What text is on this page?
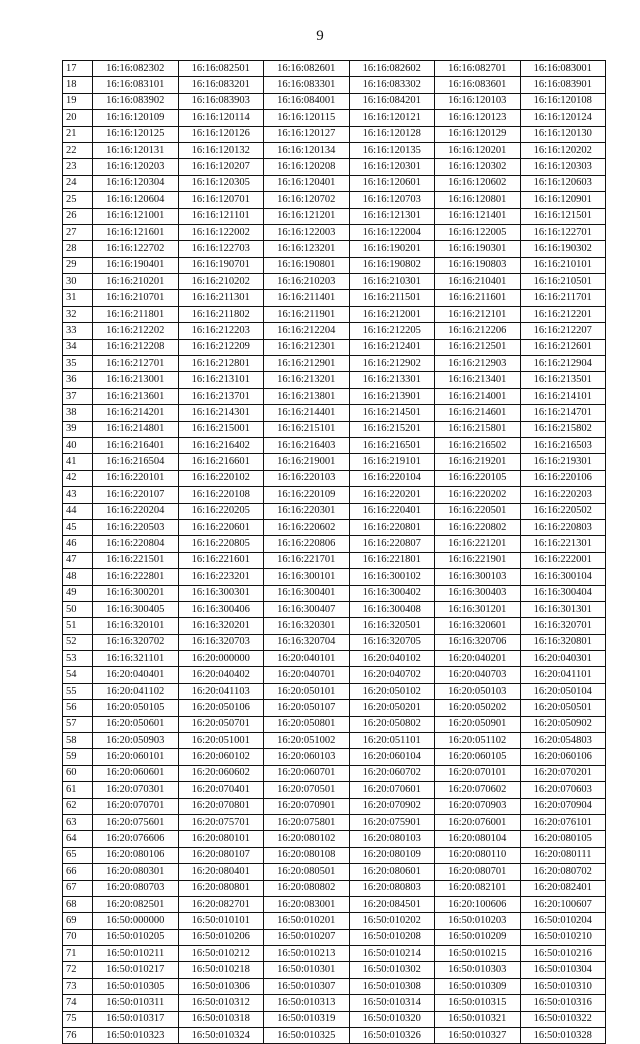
9
17	16:16:082302	16:16:082501	16:16:082601	16:16:082602	16:16:082701	16:16:083001
18	16:16:083101	16:16:083201	16:16:083301	16:16:083302	16:16:083601	16:16:083901
19	16:16:083902	16:16:083903	16:16:084001	16:16:084201	16:16:120103	16:16:120108
20	16:16:120109	16:16:120114	16:16:120115	16:16:120121	16:16:120123	16:16:120124
21	16:16:120125	16:16:120126	16:16:120127	16:16:120128	16:16:120129	16:16:120130
22	16:16:120131	16:16:120132	16:16:120134	16:16:120135	16:16:120201	16:16:120202
23	16:16:120203	16:16:120207	16:16:120208	16:16:120301	16:16:120302	16:16:120303
24	16:16:120304	16:16:120305	16:16:120401	16:16:120601	16:16:120602	16:16:120603
25	16:16:120604	16:16:120701	16:16:120702	16:16:120703	16:16:120801	16:16:120901
26	16:16:121001	16:16:121101	16:16:121201	16:16:121301	16:16:121401	16:16:121501
27	16:16:121601	16:16:122002	16:16:122003	16:16:122004	16:16:122005	16:16:122701
28	16:16:122702	16:16:122703	16:16:123201	16:16:190201	16:16:190301	16:16:190302
29	16:16:190401	16:16:190701	16:16:190801	16:16:190802	16:16:190803	16:16:210101
30	16:16:210201	16:16:210202	16:16:210203	16:16:210301	16:16:210401	16:16:210501
31	16:16:210701	16:16:211301	16:16:211401	16:16:211501	16:16:211601	16:16:211701
32	16:16:211801	16:16:211802	16:16:211901	16:16:212001	16:16:212101	16:16:212201
33	16:16:212202	16:16:212203	16:16:212204	16:16:212205	16:16:212206	16:16:212207
34	16:16:212208	16:16:212209	16:16:212301	16:16:212401	16:16:212501	16:16:212601
35	16:16:212701	16:16:212801	16:16:212901	16:16:212902	16:16:212903	16:16:212904
36	16:16:213001	16:16:213101	16:16:213201	16:16:213301	16:16:213401	16:16:213501
37	16:16:213601	16:16:213701	16:16:213801	16:16:213901	16:16:214001	16:16:214101
38	16:16:214201	16:16:214301	16:16:214401	16:16:214501	16:16:214601	16:16:214701
39	16:16:214801	16:16:215001	16:16:215101	16:16:215201	16:16:215801	16:16:215802
40	16:16:216401	16:16:216402	16:16:216403	16:16:216501	16:16:216502	16:16:216503
41	16:16:216504	16:16:216601	16:16:219001	16:16:219101	16:16:219201	16:16:219301
42	16:16:220101	16:16:220102	16:16:220103	16:16:220104	16:16:220105	16:16:220106
43	16:16:220107	16:16:220108	16:16:220109	16:16:220201	16:16:220202	16:16:220203
44	16:16:220204	16:16:220205	16:16:220301	16:16:220401	16:16:220501	16:16:220502
45	16:16:220503	16:16:220601	16:16:220602	16:16:220801	16:16:220802	16:16:220803
46	16:16:220804	16:16:220805	16:16:220806	16:16:220807	16:16:221201	16:16:221301
47	16:16:221501	16:16:221601	16:16:221701	16:16:221801	16:16:221901	16:16:222001
48	16:16:222801	16:16:223201	16:16:300101	16:16:300102	16:16:300103	16:16:300104
49	16:16:300201	16:16:300301	16:16:300401	16:16:300402	16:16:300403	16:16:300404
50	16:16:300405	16:16:300406	16:16:300407	16:16:300408	16:16:301201	16:16:301301
51	16:16:320101	16:16:320201	16:16:320301	16:16:320501	16:16:320601	16:16:320701
52	16:16:320702	16:16:320703	16:16:320704	16:16:320705	16:16:320706	16:16:320801
53	16:16:321101	16:20:000000	16:20:040101	16:20:040102	16:20:040201	16:20:040301
54	16:20:040401	16:20:040402	16:20:040701	16:20:040702	16:20:040703	16:20:041101
55	16:20:041102	16:20:041103	16:20:050101	16:20:050102	16:20:050103	16:20:050104
56	16:20:050105	16:20:050106	16:20:050107	16:20:050201	16:20:050202	16:20:050501
57	16:20:050601	16:20:050701	16:20:050801	16:20:050802	16:20:050901	16:20:050902
58	16:20:050903	16:20:051001	16:20:051002	16:20:051101	16:20:051102	16:20:054803
59	16:20:060101	16:20:060102	16:20:060103	16:20:060104	16:20:060105	16:20:060106
60	16:20:060601	16:20:060602	16:20:060701	16:20:060702	16:20:070101	16:20:070201
61	16:20:070301	16:20:070401	16:20:070501	16:20:070601	16:20:070602	16:20:070603
62	16:20:070701	16:20:070801	16:20:070901	16:20:070902	16:20:070903	16:20:070904
63	16:20:075601	16:20:075701	16:20:075801	16:20:075901	16:20:076001	16:20:076101
64	16:20:076606	16:20:080101	16:20:080102	16:20:080103	16:20:080104	16:20:080105
65	16:20:080106	16:20:080107	16:20:080108	16:20:080109	16:20:080110	16:20:080111
66	16:20:080301	16:20:080401	16:20:080501	16:20:080601	16:20:080701	16:20:080702
67	16:20:080703	16:20:080801	16:20:080802	16:20:080803	16:20:082101	16:20:082401
68	16:20:082501	16:20:082701	16:20:083001	16:20:084501	16:20:100606	16:20:100607
69	16:50:000000	16:50:010101	16:50:010201	16:50:010202	16:50:010203	16:50:010204
70	16:50:010205	16:50:010206	16:50:010207	16:50:010208	16:50:010209	16:50:010210
71	16:50:010211	16:50:010212	16:50:010213	16:50:010214	16:50:010215	16:50:010216
72	16:50:010217	16:50:010218	16:50:010301	16:50:010302	16:50:010303	16:50:010304
73	16:50:010305	16:50:010306	16:50:010307	16:50:010308	16:50:010309	16:50:010310
74	16:50:010311	16:50:010312	16:50:010313	16:50:010314	16:50:010315	16:50:010316
75	16:50:010317	16:50:010318	16:50:010319	16:50:010320	16:50:010321	16:50:010322
76	16:50:010323	16:50:010324	16:50:010325	16:50:010326	16:50:010327	16:50:010328
